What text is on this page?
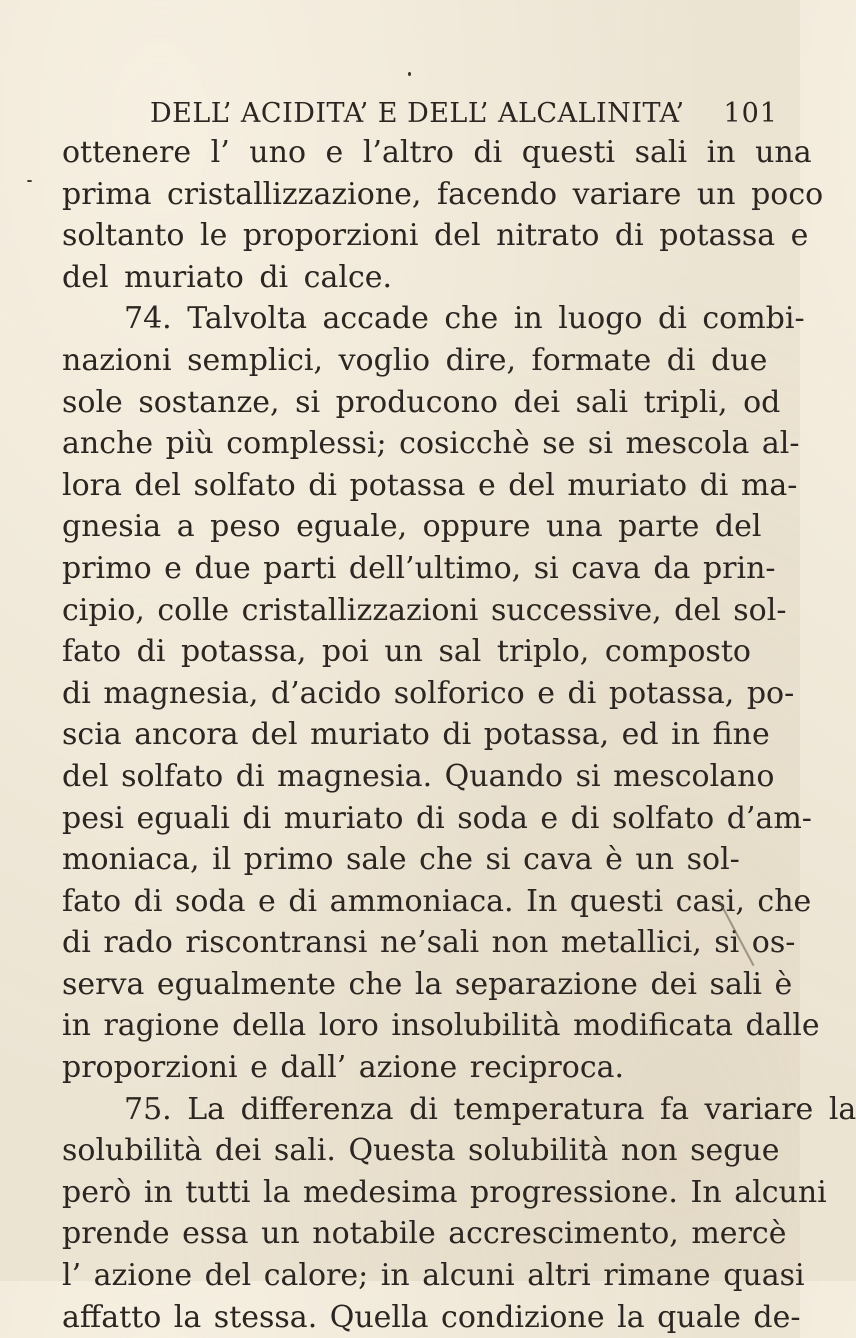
DELL’ ACIDITA’ E DELL’ ALCALINITA’ 101
ottenere l’ uno e l’altro di questi sali in una
prima cristallizzazione, facendo variare un poco
soltanto le proporzioni del nitrato di potassa e
del muriato di calce.
74. Talvolta accade che in luogo di combi-
nazioni semplici, voglio dire, formate di due
sole sostanze, si producono dei sali tripli, od
anche più complessi; cosicchè se si mescola al-
lora del solfato di potassa e del muriato di ma-
gnesia a peso eguale, oppure una parte del
primo e due parti dell’ultimo, si cava da prin-
cipio, colle cristallizzazioni successive, del sol-
fato di potassa, poi un sal triplo, composto
di magnesia, d’acido solforico e di potassa, po-
scia ancora del muriato di potassa, ed in fine
del solfato di magnesia. Quando si mescolano
pesi eguali di muriato di soda e di solfato d’am-
moniaca, il primo sale che si cava è un sol-
fato di soda e di ammoniaca. In questi casi, che
di rado riscontransi ne’sali non metallici, si os-
serva egualmente che la separazione dei sali è
in ragione della loro insolubilità modificata dalle
proporzioni e dall’ azione reciproca.
75. La differenza di temperatura fa variare la
solubilità dei sali. Questa solubilità non segue
però in tutti la medesima progressione. In alcuni
prende essa un notabile accrescimento, mercè
l’ azione del calore; in alcuni altri rimane quasi
affatto la stessa. Quella condizione la quale de-
